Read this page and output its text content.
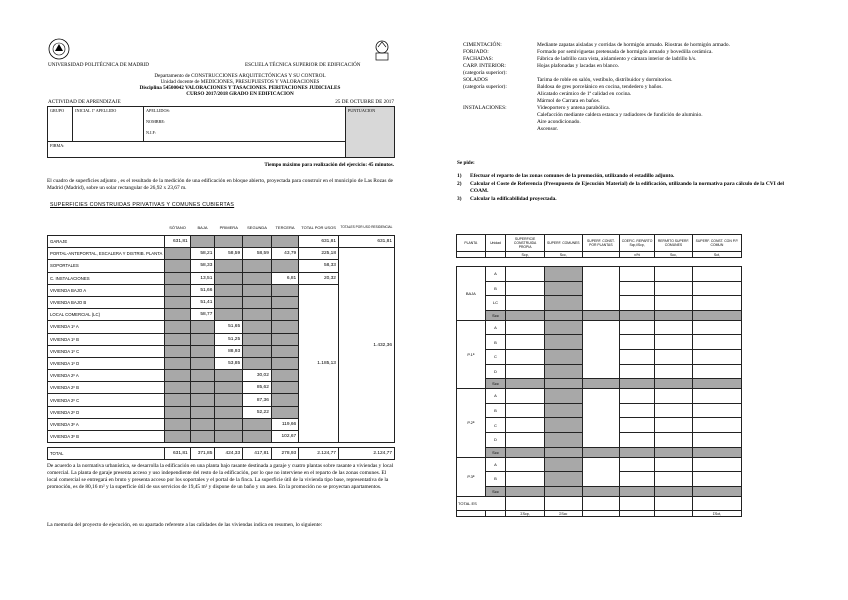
UNIVERSIDAD POLITÉCNICA DE MADRID	ESCUELA TÉCNICA SUPERIOR DE EDIFICACIÓN
Departamento de CONSTRUCCIONES ARQUITECTÓNICAS Y SU CONTROL
Unidad docente de MEDICIONES, PRESUPUESTOS Y VALORACIONES
Disciplina 54500042 VALORACIONES Y TASACIONES. PERITACIONES JUDICIALES
CURSO 2017/2018 GRADO EN EDIFICACION
ACTIVIDAD DE APRENDIZAJE	25 DE OCTUBRE DE 2017
GRUPO	INICIAL 1º APELLIDO	APELLIDOS:
NOMBRE:
N.I.F:
	PUNTUACION
FIRMA:
Tiempo máximo para realización del ejercicio: 45 minutos.
El cuadro de superficies adjunto , es el resultado de la medición de una edificación en bloque abierto, proyectada para construir en el municipio de Las Rozas de Madrid (Madrid), sobre un solar rectangular de 26,92 x 23,67 m.
SUPERFICIES CONSTRUIDAS PRIVATIVAS Y COMUNES CUBIERTAS
	SÓTANO	BAJA	PRIMERA	SEGUNDA	TERCERA	TOTAL POR USOS	TOTALES POR USO RESIDENCIAL
GARAJE	631,81					631,81	631,81
PORTAL-ANTEPORTAL, ESCALERA Y DISTRIB. PLANTA		58,21	58,59	58,59	43,79	225,18	1.432,36
SOPORTALES		58,33				58,33	
C. INSTALACIONES		13,51			6,81	20,32	
VIVIENDA BAJO A		51,66				1.185,13	
VIVIENDA BAJO B		51,41					
LOCAL COMERCIAL (LC)		58,77					
VIVIENDA 1º A			51,65				
VIVIENDA 1º B			51,25				
VIVIENDA 1º C			88,93				
VIVIENDA 1º D			53,85				
VIVIENDA 2º A				30,02			
VIVIENDA 2º B				85,62			
VIVIENDA 2º C				87,36			
VIVIENDA 2º D				52,22			
VIVIENDA 3º A					119,66		
VIVIENDA 3º B					102,67		

TOTAL	631,81	371,85	424,33	417,81	278,93	2.124,77	2.124,77
De acuerdo a la normativa urbanística, se desarrolla la edificación en una planta bajo rasante destinada a garaje y cuatro plantas sobre rasante a viviendas y local comercial. La planta de garaje presenta acceso y uso independiente del resto de la edificación, por lo que no interviene en el reparto de las zonas comunes. El local comercial se entregará en bruto y presenta acceso por los soportales y el portal de la finca. La superficie útil de la vivienda tipo base, representativa de la promoción, es de 80,16 m² y la superficie útil de sus servicios de 19,45 m² y dispone de un baño y un aseo. En la promoción no se proyectan apartamentos.
La memoria del proyecto de ejecución, en su apartado referente a las calidades de las viviendas indica en resumen, lo siguiente:
CIMENTACIÓN:	Mediante zapatas aisladas y corridas de hormigón armado. Riostras de hormigón armado.
FORJADO:	Formado por semiviguetas pretensada de hormigón armado y bovedilla cerámica.
FACHADAS:	Fábrica de ladrillo cara vista, aislamiento y cámara interior de ladrillo h/s.
CARP. INTERIOR:	Hojas plafonadas y lacadas en blanco.
(categoría superior):
SOLADOS	Tarima de roble en salón, vestíbulo, distribuidor y dormitorios.
(categoría superior):	Baldosa de gres porcelánico en cocina, tendedero y baños.
Alicatado cerámico de 1ª calidad en cocina.
Mármol de Carrara en baños.
INSTALACIONES:	Videoportero y antena parabólica.
Calefacción mediante caldera estanca y radiadores de fundición de aluminio.
Aire acondicionado.
Ascensor.
Se pide:
1) Efectuar el reparto de las zonas comunes de la promoción, utilizando el estadillo adjunto.
2) Calcular el Coste de Referencia (Presupuesto de Ejecución Material) de la edificación, utilizando la normativa para cálculo de la CVI del COAM.
3) Calcular la edificabilidad proyectada.
PLANTA	Unidad	SUPERFICIE CONSTRUIDA PROPIA	SUPERF. COMUNES	SUPERF. CONST. POR PLANTAS	COEFIC. REPARTO Scp,i/Scp,	REPARTO SUPERF. COMUNES	SUPERF. CONST. CON P.P. COMUN
		Scp,	Scc,		x/%	Scc,	Sct,

BAJA	A						
	B						
	LC						
	Scc						
P.1ª	A						
	B						
	C						
	D						
	Scc						
P.2ª	A						
	B						
	C						
	D						
	Scc						
P.3ª	A						
	B						
	Scc						
TOTAL ES							
		ΣScp,	ΣScc				ΣSct,
